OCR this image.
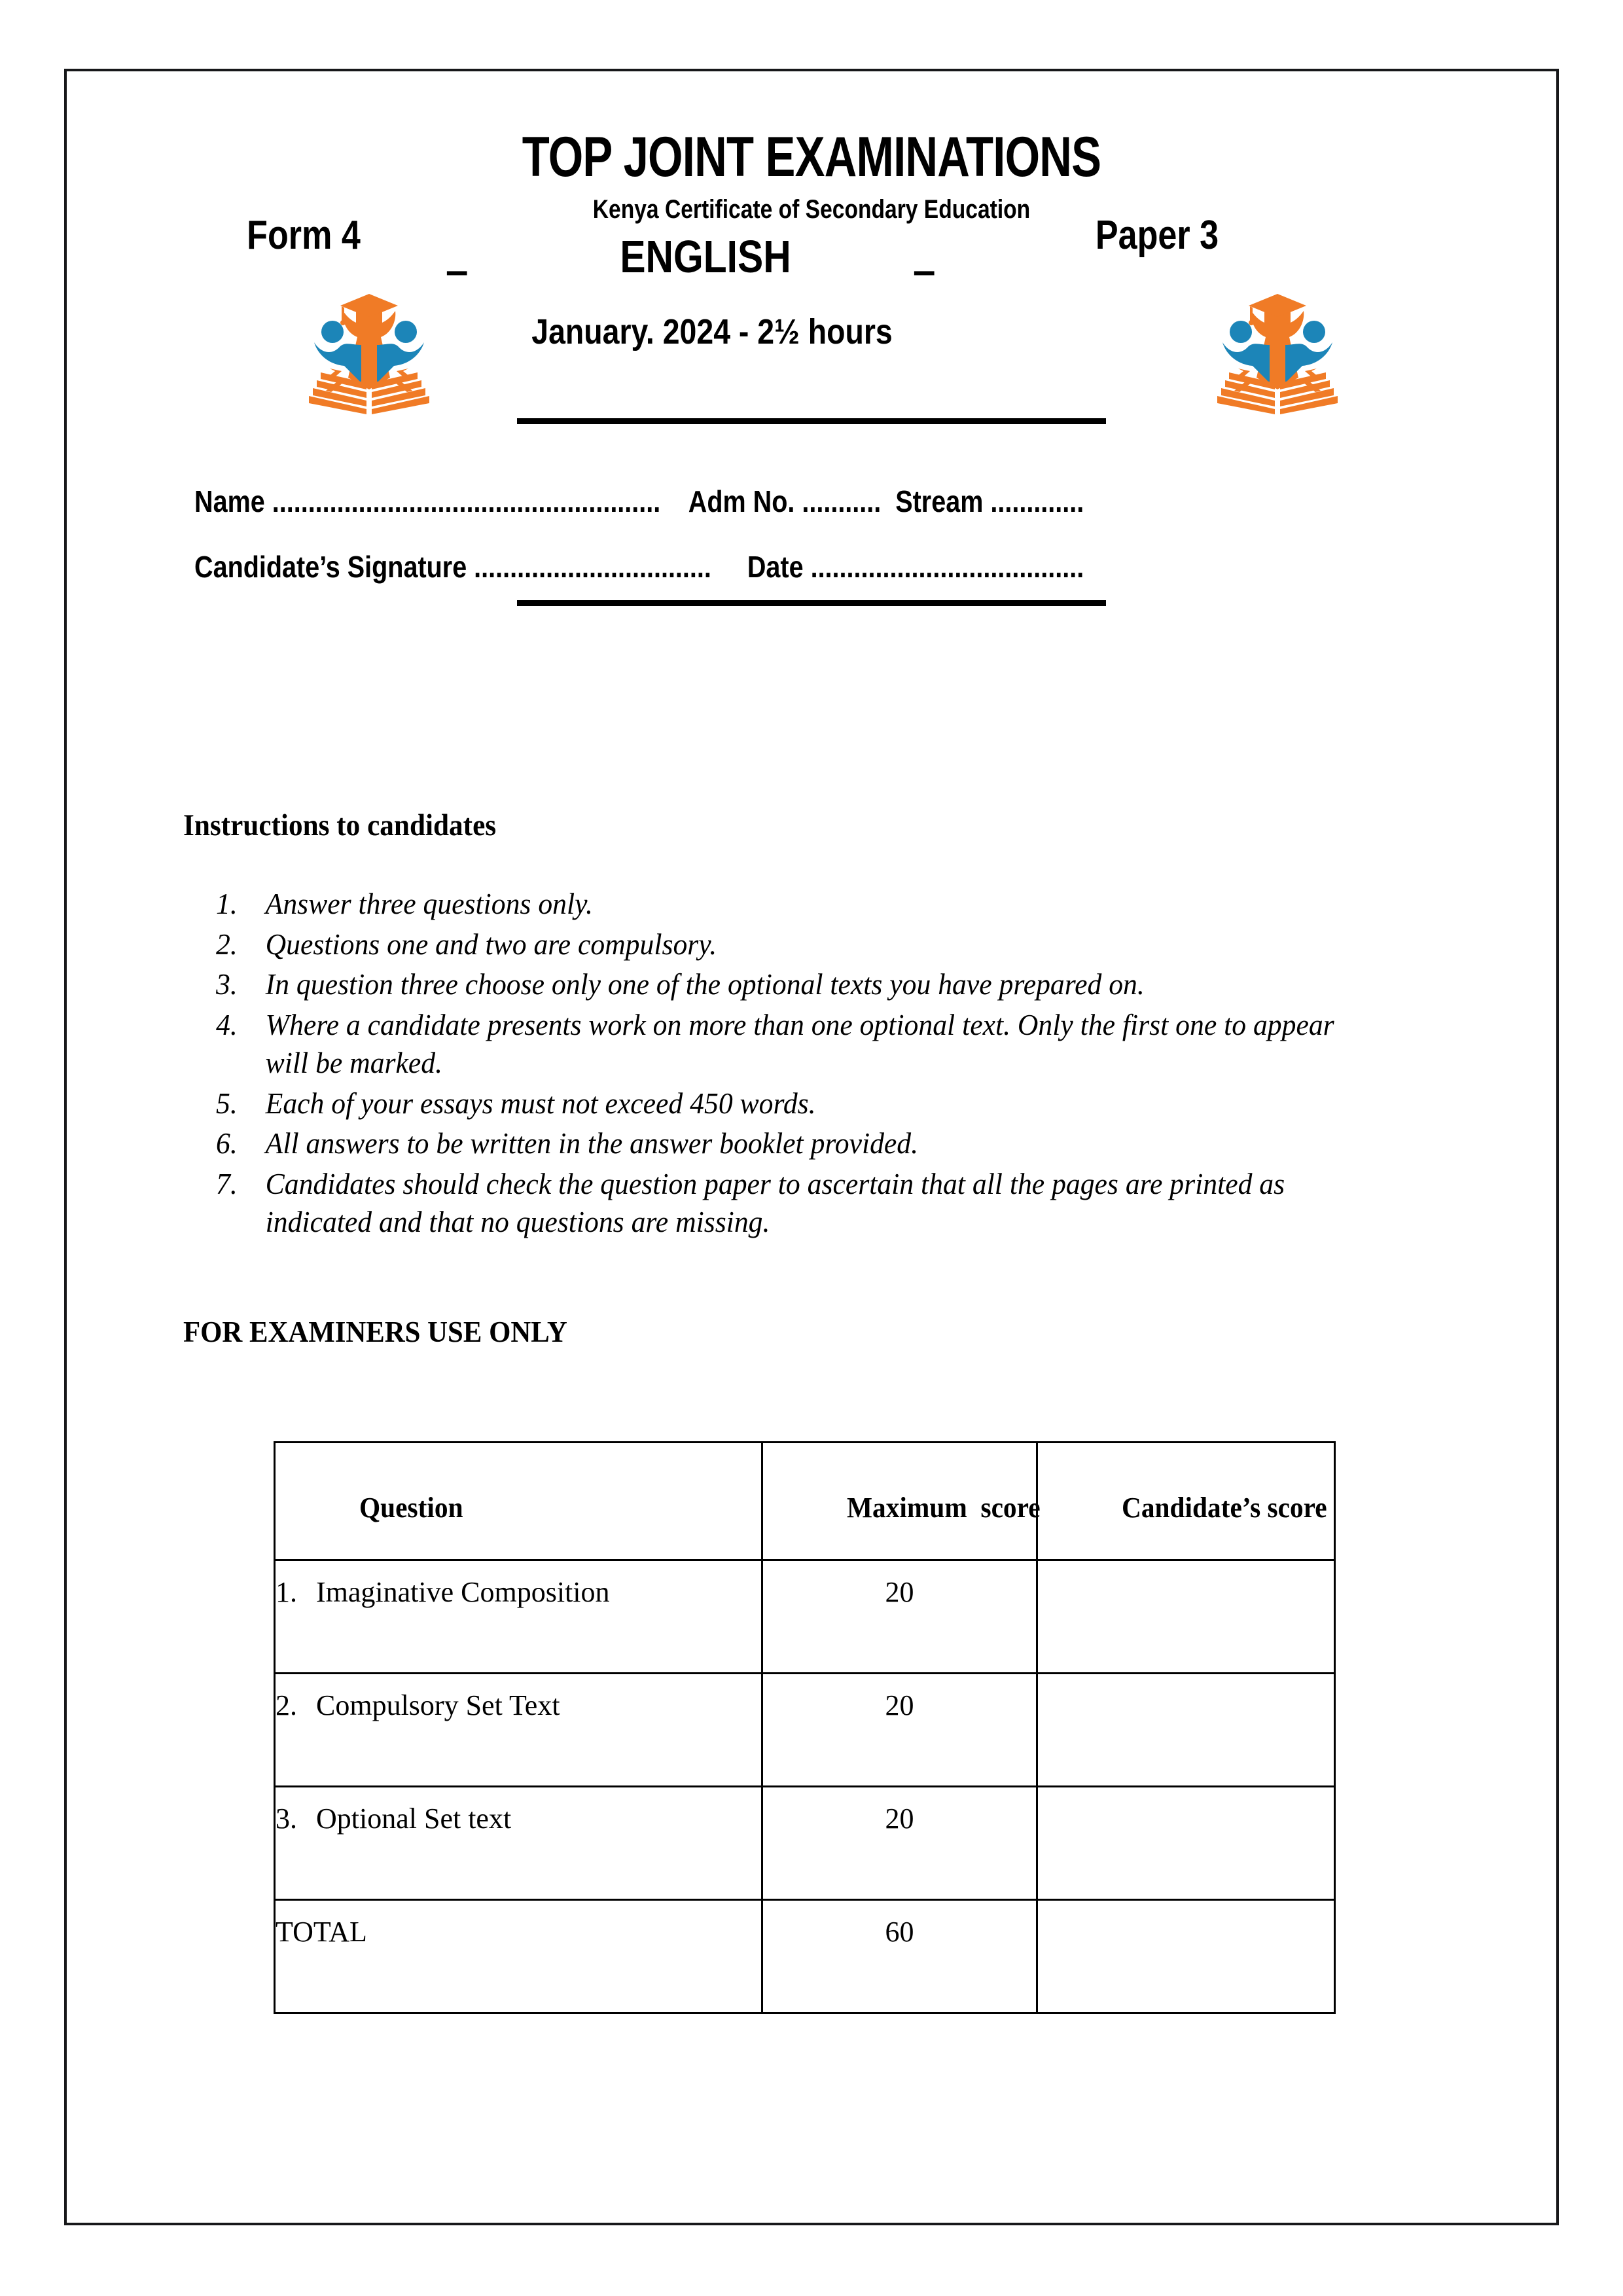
TOP JOINT EXAMINATIONS
Kenya Certificate of Secondary Education
Form 4
–	ENGLISH	–
Paper 3
January. 2024 - 2½ hours

Name ......................................................    Adm No. ...........  Stream .............

Candidate’s Signature .................................     Date ......................................

Instructions to candidates
1. Answer three questions only.
2. Questions one and two are compulsory.
3. In question three choose only one of the optional texts you have prepared on.
4. Where a candidate presents work on more than one optional text. Only the first one to appear will be marked.
5. Each of your essays must not exceed 450 words.
6. All answers to be written in the answer booklet provided.
7. Candidates should check the question paper to ascertain that all the pages are printed as indicated and that no questions are missing.
FOR EXAMINERS USE ONLY

Question	Maximum  score	Candidate’s score

1. Imaginative Composition	20	
2. Compulsory Set Text	20	
3. Optional Set text	20	
TOTAL	60	
